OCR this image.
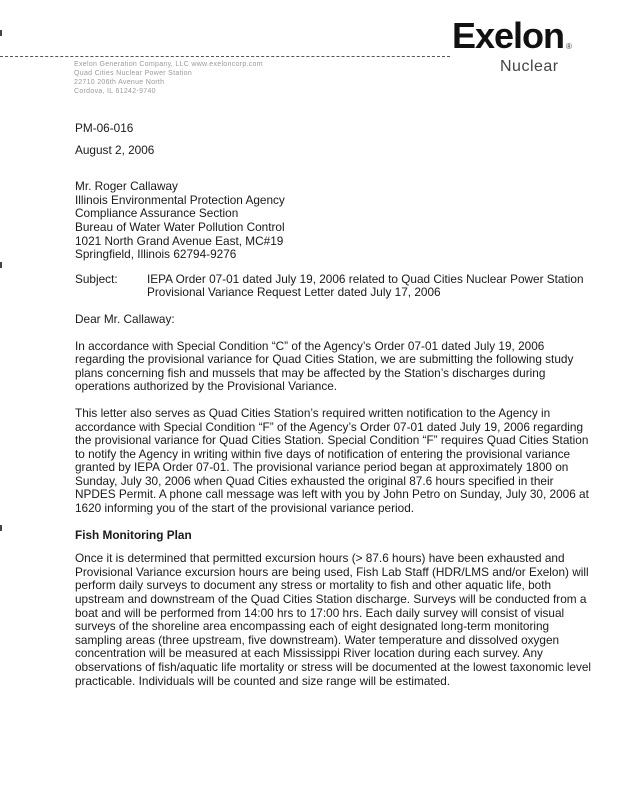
Exelon ®
Nuclear
Exelon Generation Company, LLC www.exeloncorp.com
Quad Cities Nuclear Power Station
22710 206th Avenue North
Cordova, IL 61242-9740

PM-06-016

August 2, 2006

Mr. Roger Callaway
Illinois Environmental Protection Agency
Compliance Assurance Section
Bureau of Water Water Pollution Control
1021 North Grand Avenue East, MC#19
Springfield, Illinois 62794-9276
Subject:	IEPA Order 07-01 dated July 19, 2006 related to Quad Cities Nuclear Power Station Provisional Variance Request Letter dated July 17, 2006

Dear Mr. Callaway:

In accordance with Special Condition “C” of the Agency’s Order 07-01 dated July 19, 2006 regarding the provisional variance for Quad Cities Station, we are submitting the following study plans concerning fish and mussels that may be affected by the Station’s discharges during operations authorized by the Provisional Variance.

This letter also serves as Quad Cities Station’s required written notification to the Agency in accordance with Special Condition “F” of the Agency’s Order 07-01 dated July 19, 2006 regarding the provisional variance for Quad Cities Station. Special Condition “F” requires Quad Cities Station to notify the Agency in writing within five days of notification of entering the provisional variance granted by IEPA Order 07-01. The provisional variance period began at approximately 1800 on Sunday, July 30, 2006 when Quad Cities exhausted the original 87.6 hours specified in their NPDES Permit. A phone call message was left with you by John Petro on Sunday, July 30, 2006 at 1620 informing you of the start of the provisional variance period.

Fish Monitoring Plan

Once it is determined that permitted excursion hours (> 87.6 hours) have been exhausted and Provisional Variance excursion hours are being used, Fish Lab Staff (HDR/LMS and/or Exelon) will perform daily surveys to document any stress or mortality to fish and other aquatic life, both upstream and downstream of the Quad Cities Station discharge. Surveys will be conducted from a boat and will be performed from 14:00 hrs to 17:00 hrs. Each daily survey will consist of visual surveys of the shoreline area encompassing each of eight designated long-term monitoring sampling areas (three upstream, five downstream). Water temperature and dissolved oxygen concentration will be measured at each Mississippi River location during each survey. Any observations of fish/aquatic life mortality or stress will be documented at the lowest taxonomic level practicable. Individuals will be counted and size range will be estimated.
